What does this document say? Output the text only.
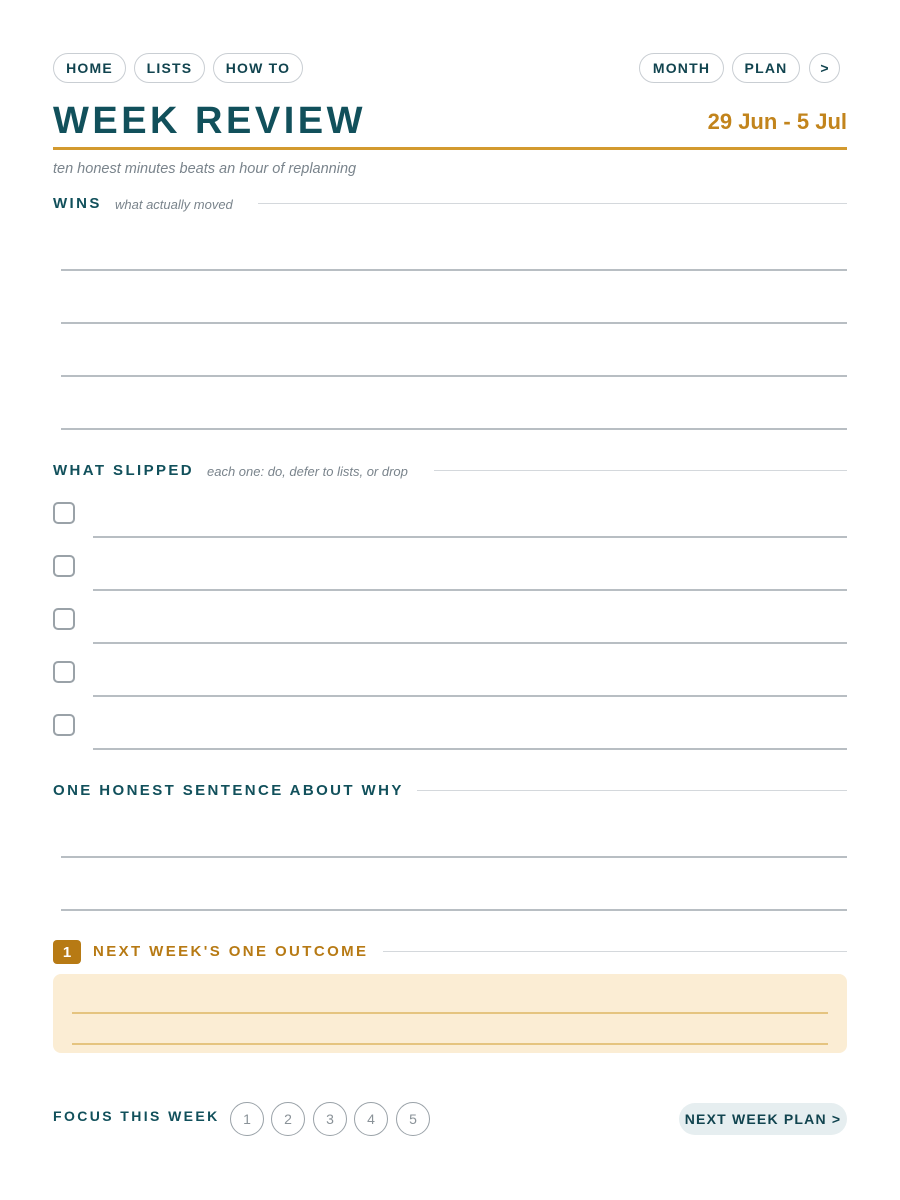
HOME	LISTS	HOW TO	MONTH	PLAN	>
WEEK REVIEW	29 Jun - 5 Jul
ten honest minutes beats an hour of replanning
WINS what actually moved
WHAT SLIPPED each one: do, defer to lists, or drop
ONE HONEST SENTENCE ABOUT WHY
1	NEXT WEEK'S ONE OUTCOME
FOCUS THIS WEEK	1	2	3	4	5	NEXT WEEK PLAN >
